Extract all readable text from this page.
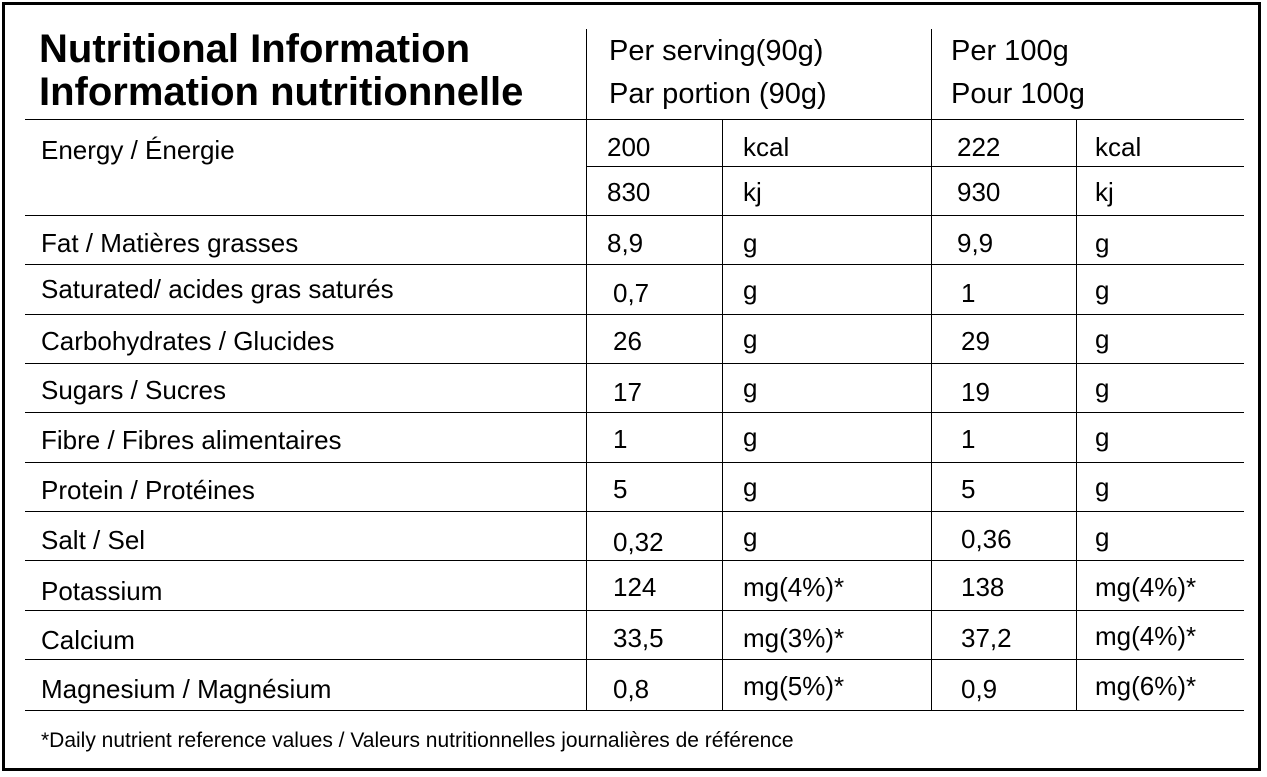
Nutritional Information
Information nutritionnelle
Per serving(90g)
Par portion (90g)
Per 100g
Pour 100g
Energy / Énergie	200	kcal	222	kcal
830	kj	930	kj
Fat / Matières grasses	8,9	g	9,9	g
Saturated/ acides gras saturés	0,7	g	1	g
Carbohydrates / Glucides	26	g	29	g
Sugars / Sucres	17	g	19	g
Fibre / Fibres alimentaires	1	g	1	g
Protein / Protéines	5	g	5	g
Salt / Sel	0,32	g	0,36	g
Potassium	124	mg(4%)*	138	mg(4%)*
Calcium	33,5	mg(3%)*	37,2	mg(4%)*
Magnesium / Magnésium	0,8	mg(5%)*	0,9	mg(6%)*
*Daily nutrient reference values / Valeurs nutritionnelles journalières de référence
